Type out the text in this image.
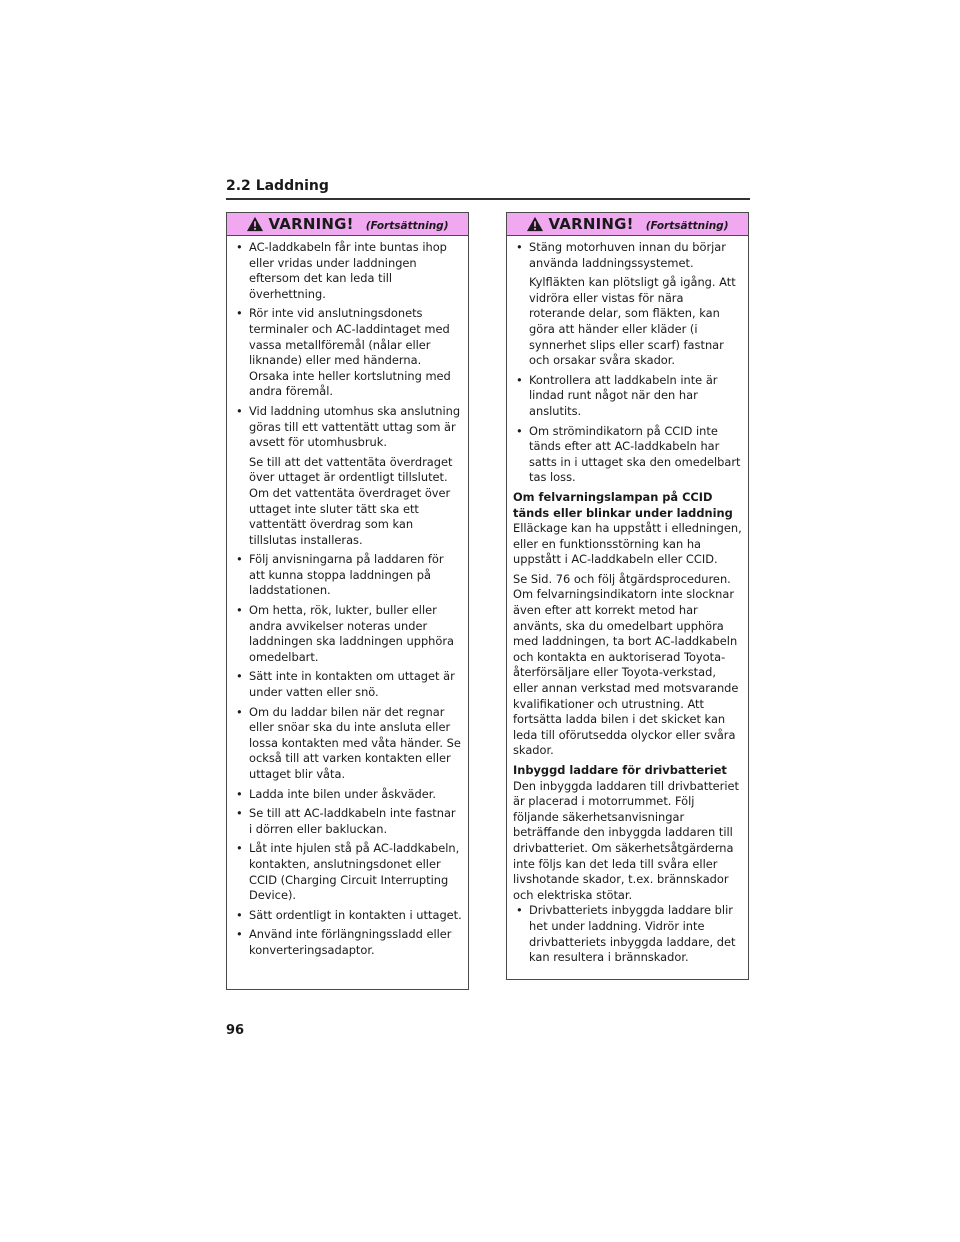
2.2 Laddning
VARNING! (Fortsättning)
• AC-laddkabeln får inte buntas ihop eller vridas under laddningen eftersom det kan leda till överhettning.

• Rör inte vid anslutningsdonets terminaler och AC-laddintaget med vassa metallföremål (nålar eller liknande) eller med händerna. Orsaka inte heller kortslutning med andra föremål.

• Vid laddning utomhus ska anslutning göras till ett vattentätt uttag som är avsett för utomhusbruk.

Se till att det vattentäta överdraget över uttaget är ordentligt tillslutet. Om det vattentäta överdraget över uttaget inte sluter tätt ska ett vattentätt överdrag som kan tillslutas installeras.

• Följ anvisningarna på laddaren för att kunna stoppa laddningen på laddstationen.

• Om hetta, rök, lukter, buller eller andra avvikelser noteras under laddningen ska laddningen upphöra omedelbart.

• Sätt inte in kontakten om uttaget är under vatten eller snö.

• Om du laddar bilen när det regnar eller snöar ska du inte ansluta eller lossa kontakten med våta händer. Se också till att varken kontakten eller uttaget blir våta.

• Ladda inte bilen under åskväder.

• Se till att AC-laddkabeln inte fastnar i dörren eller bakluckan.

• Låt inte hjulen stå på AC-laddkabeln, kontakten, anslutningsdonet eller CCID (Charging Circuit Interrupting Device).

• Sätt ordentligt in kontakten i uttaget.

• Använd inte förlängningssladd eller konverteringsadaptor.

VARNING! (Fortsättning)
• Stäng motorhuven innan du börjar använda laddningssystemet.

Kylfläkten kan plötsligt gå igång. Att vidröra eller vistas för nära roterande delar, som fläkten, kan göra att händer eller kläder (i synnerhet slips eller scarf) fastnar och orsakar svåra skador.

• Kontrollera att laddkabeln inte är lindad runt något när den har anslutits.

• Om strömindikatorn på CCID inte tänds efter att AC-laddkabeln har satts in i uttaget ska den omedelbart tas loss.

Om felvarningslampan på CCID tänds eller blinkar under laddning

Elläckage kan ha uppstått i elledningen, eller en funktionsstörning kan ha uppstått i AC-laddkabeln eller CCID.

Se Sid. 76 och följ åtgärdsproceduren. Om felvarningsindikatorn inte slocknar även efter att korrekt metod har använts, ska du omedelbart upphöra med laddningen, ta bort AC-laddkabeln och kontakta en auktoriserad Toyota-återförsäljare eller Toyota-verkstad, eller annan verkstad med motsvarande kvalifikationer och utrustning. Att fortsätta ladda bilen i det skicket kan leda till oförutsedda olyckor eller svåra skador.

Inbyggd laddare för drivbatteriet

Den inbyggda laddaren till drivbatteriet är placerad i motorrummet. Följ följande säkerhetsanvisningar beträffande den inbyggda laddaren till drivbatteriet. Om säkerhetsåtgärderna inte följs kan det leda till svåra eller livshotande skador, t.ex. brännskador och elektriska stötar.

• Drivbatteriets inbyggda laddare blir het under laddning. Vidrör inte drivbatteriets inbyggda laddare, det kan resultera i brännskador.

96
